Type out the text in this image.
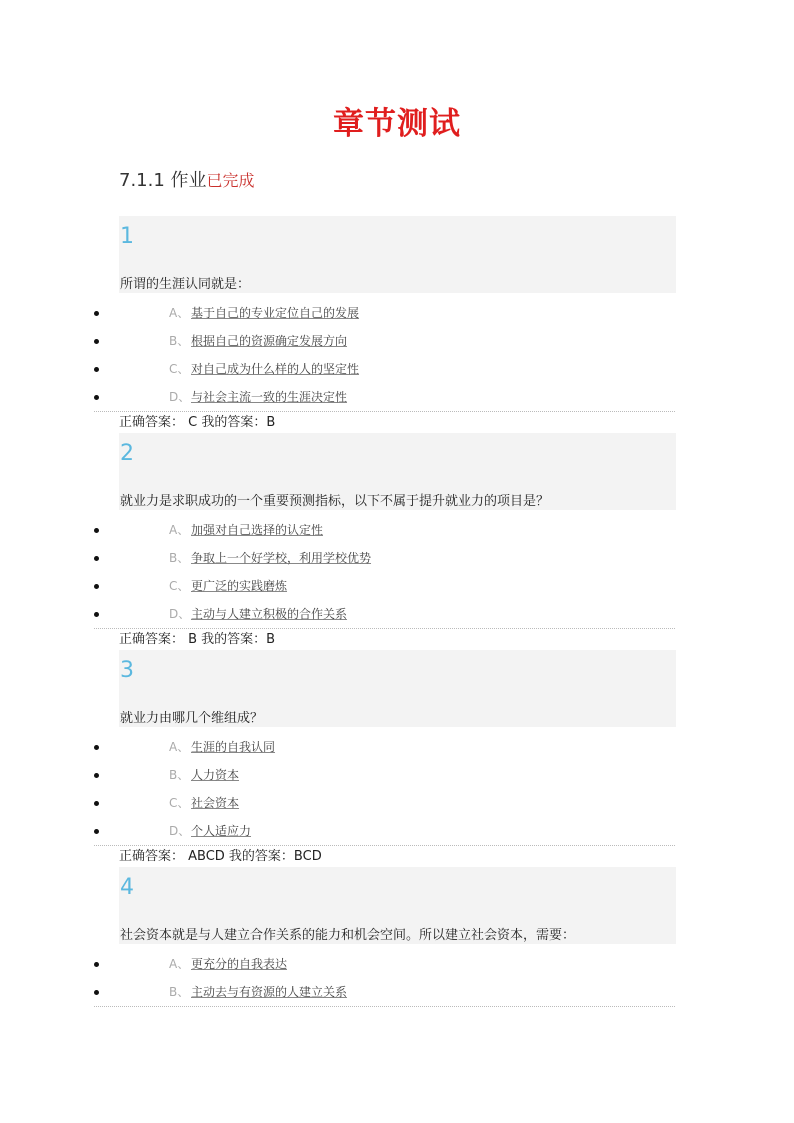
章节测试
7.1.1 作业已完成
1
所谓的生涯认同就是：
A、 基于自己的专业定位自己的发展
B、 根据自己的资源确定发展方向
C、 对自己成为什么样的人的坚定性
D、 与社会主流一致的生涯决定性
正确答案： C 我的答案：B
2
就业力是求职成功的一个重要预测指标，以下不属于提升就业力的项目是？
A、 加强对自己选择的认定性
B、 争取上一个好学校，利用学校优势
C、 更广泛的实践磨炼
D、 主动与人建立积极的合作关系
正确答案： B 我的答案：B
3
就业力由哪几个维组成？
A、 生涯的自我认同
B、 人力资本
C、 社会资本
D、 个人适应力
正确答案： ABCD 我的答案：BCD
4
社会资本就是与人建立合作关系的能力和机会空间。所以建立社会资本，需要：
A、 更充分的自我表达
B、 主动去与有资源的人建立关系
